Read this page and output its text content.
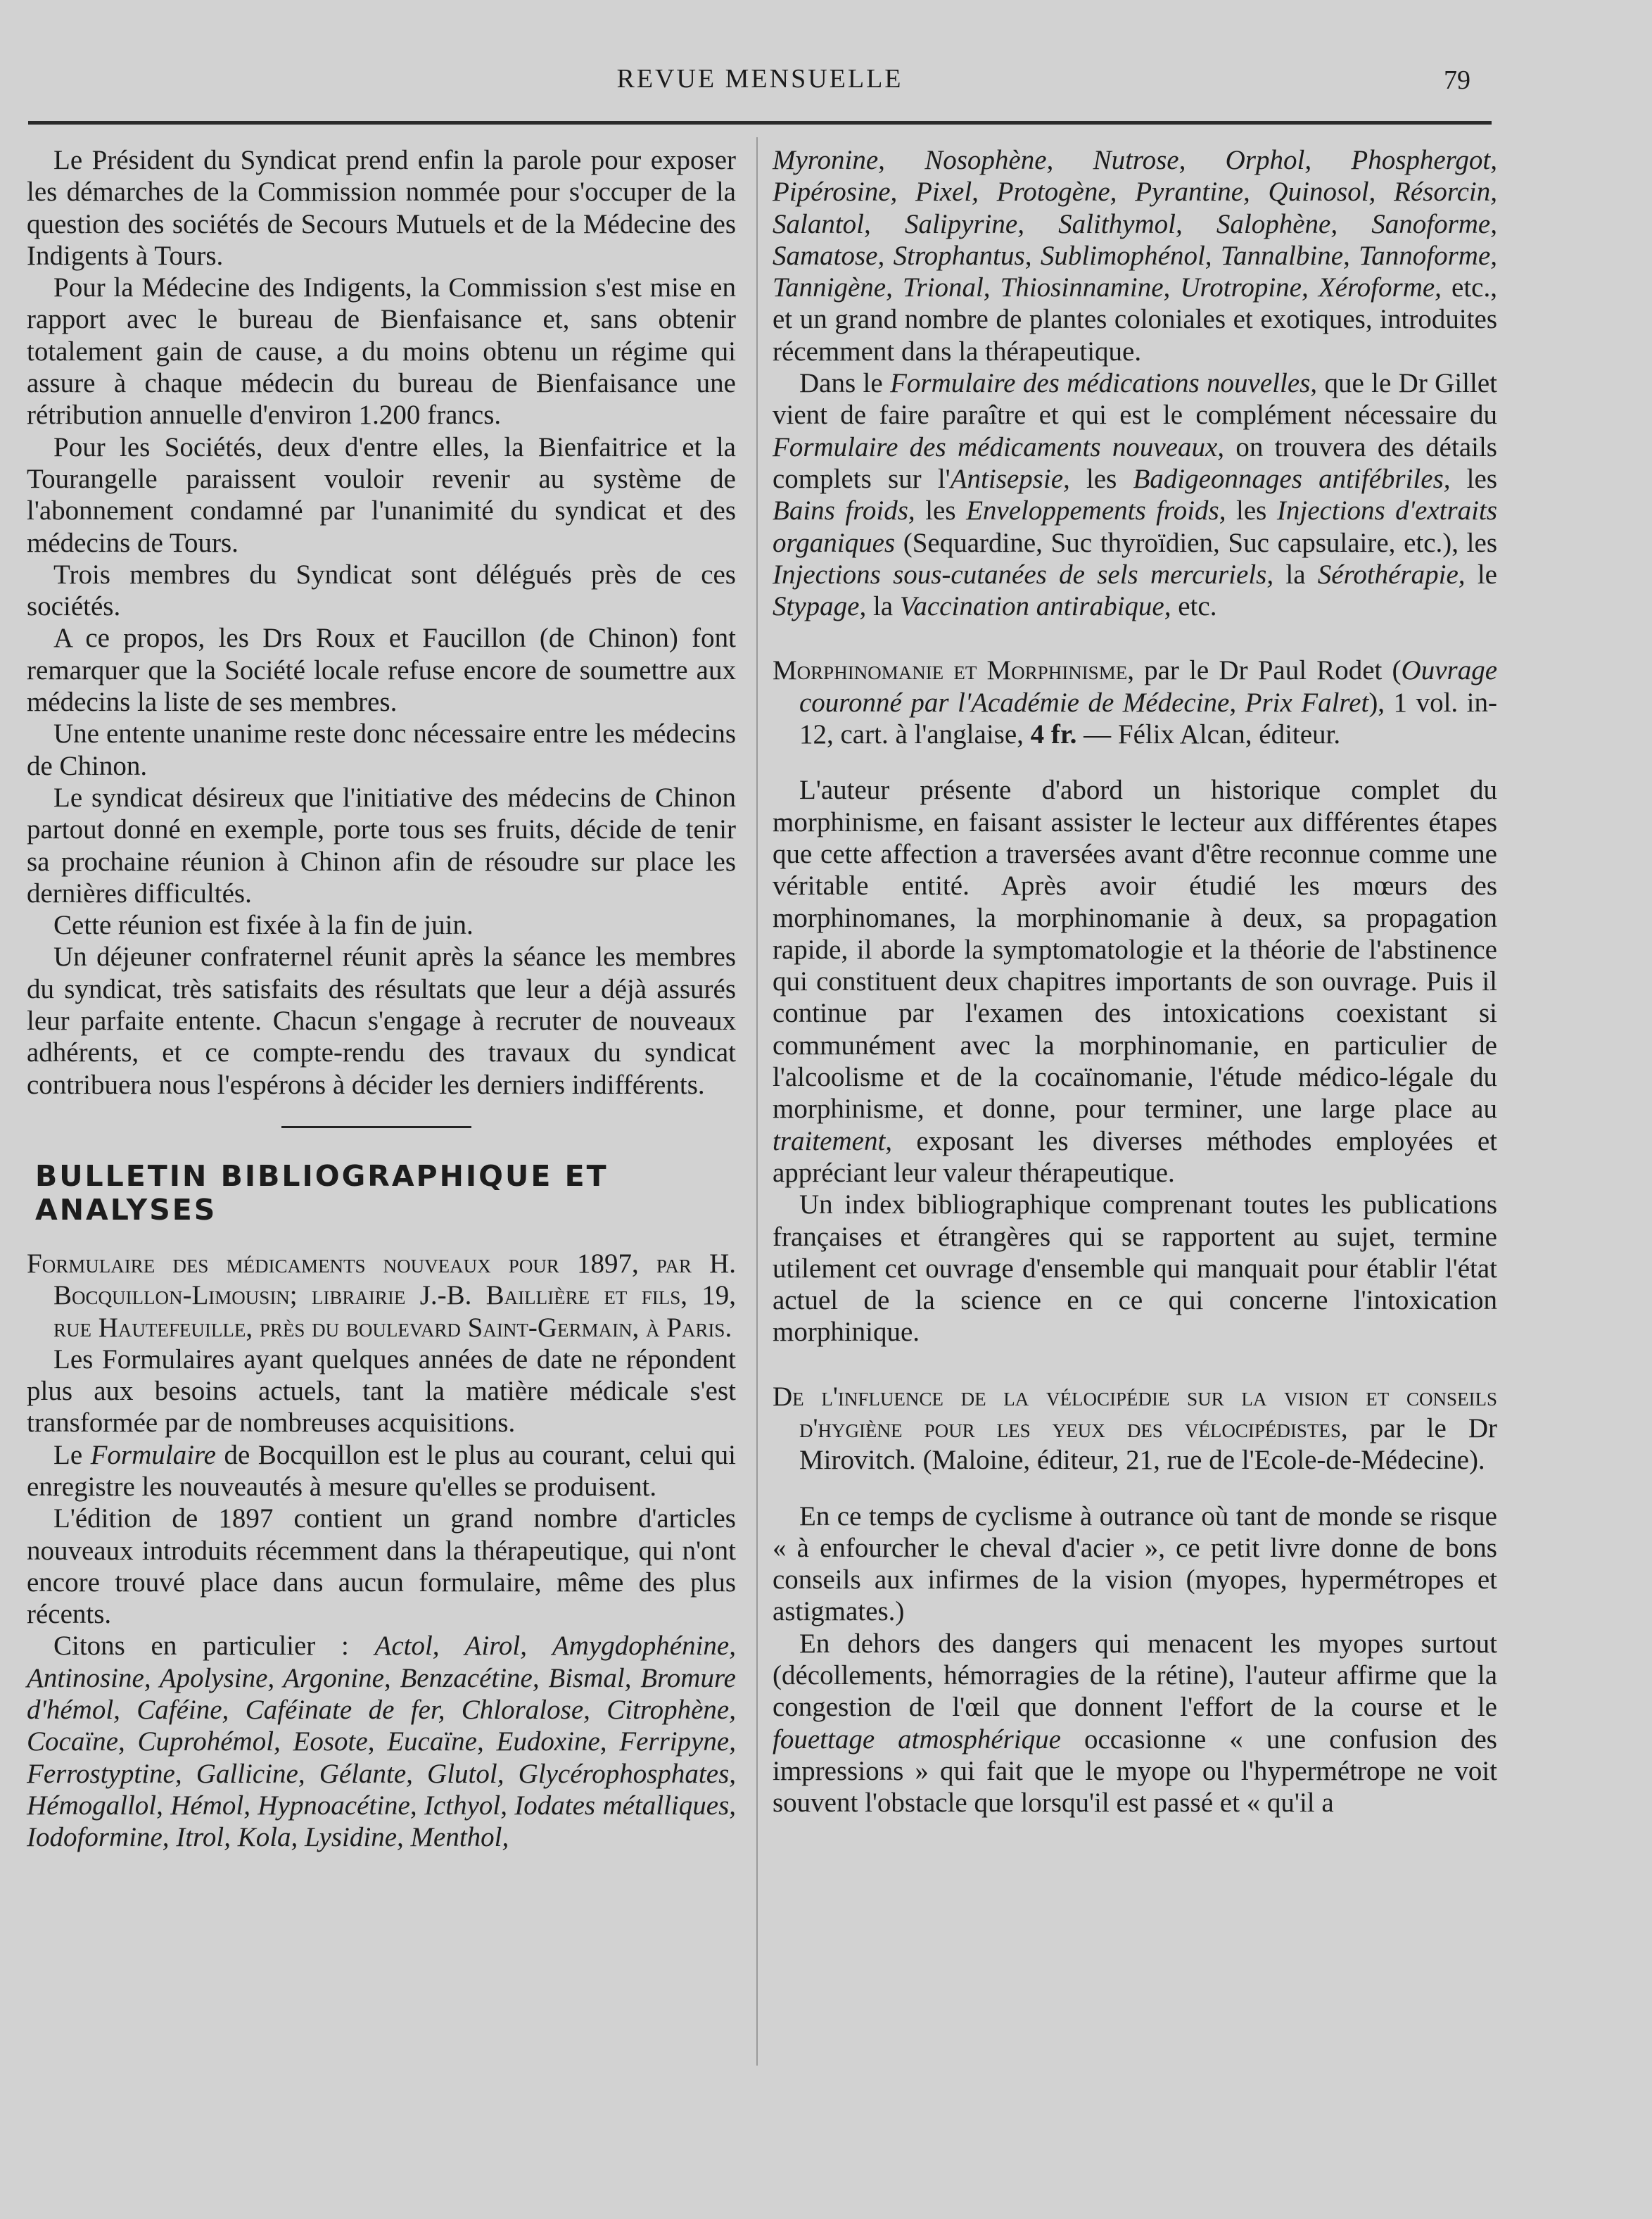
REVUE MENSUELLE	79

Le Président du Syndicat prend enfin la parole pour exposer les démarches de la Commission nommée pour s'occuper de la question des sociétés de Secours Mutuels et de la Médecine des Indigents à Tours.

Pour la Médecine des Indigents, la Commission s'est mise en rapport avec le bureau de Bienfaisance et, sans obtenir totalement gain de cause, a du moins obtenu un régime qui assure à chaque médecin du bureau de Bienfaisance une rétribution annuelle d'environ 1.200 francs.

Pour les Sociétés, deux d'entre elles, la Bienfaitrice et la Tourangelle paraissent vouloir revenir au système de l'abonnement condamné par l'unanimité du syndicat et des médecins de Tours.

Trois membres du Syndicat sont délégués près de ces sociétés.

A ce propos, les Drs Roux et Faucillon (de Chinon) font remarquer que la Société locale refuse encore de soumettre aux médecins la liste de ses membres.

Une entente unanime reste donc nécessaire entre les médecins de Chinon.

Le syndicat désireux que l'initiative des médecins de Chinon partout donné en exemple, porte tous ses fruits, décide de tenir sa prochaine réunion à Chinon afin de résoudre sur place les dernières difficultés.

Cette réunion est fixée à la fin de juin.

Un déjeuner confraternel réunit après la séance les membres du syndicat, très satisfaits des résultats que leur a déjà assurés leur parfaite entente. Chacun s'engage à recruter de nouveaux adhérents, et ce compte-rendu des travaux du syndicat contribuera nous l'espérons à décider les derniers indifférents.

BULLETIN BIBLIOGRAPHIQUE ET ANALYSES

Formulaire des médicaments nouveaux pour 1897, par H. Bocquillon-Limousin; librairie J.-B. Baillière et fils, 19, rue Hautefeuille, près du boulevard Saint-Germain, à Paris.

Les Formulaires ayant quelques années de date ne répondent plus aux besoins actuels, tant la matière médicale s'est transformée par de nombreuses acquisitions.

Le Formulaire de Bocquillon est le plus au courant, celui qui enregistre les nouveautés à mesure qu'elles se produisent.

L'édition de 1897 contient un grand nombre d'articles nouveaux introduits récemment dans la thérapeutique, qui n'ont encore trouvé place dans aucun formulaire, même des plus récents.

Citons en particulier : Actol, Airol, Amygdophénine, Antinosine, Apolysine, Argonine, Benzacétine, Bismal, Bromure d'hémol, Caféine, Caféinate de fer, Chloralose, Citrophène, Cocaïne, Cuprohémol, Eosote, Eucaïne, Eudoxine, Ferripyne, Ferrostyptine, Gallicine, Gélante, Glutol, Glycérophosphates, Hémogallol, Hémol, Hypnoacétine, Icthyol, Iodates métalliques, Iodoformine, Itrol, Kola, Lysidine, Menthol,

Myronine, Nosophène, Nutrose, Orphol, Phosphergot, Pipérosine, Pixel, Protogène, Pyrantine, Quinosol, Résorcin, Salantol, Salipyrine, Salithymol, Salophène, Sanoforme, Samatose, Strophantus, Sublimophénol, Tannalbine, Tannoforme, Tannigène, Trional, Thiosinnamine, Urotropine, Xéroforme, etc., et un grand nombre de plantes coloniales et exotiques, introduites récemment dans la thérapeutique.

Dans le Formulaire des médications nouvelles, que le Dr Gillet vient de faire paraître et qui est le complément nécessaire du Formulaire des médicaments nouveaux, on trouvera des détails complets sur l'Antisepsie, les Badigeonnages antifébriles, les Bains froids, les Enveloppements froids, les Injections d'extraits organiques (Sequardine, Suc thyroïdien, Suc capsulaire, etc.), les Injections sous-cutanées de sels mercuriels, la Sérothérapie, le Stypage, la Vaccination antirabique, etc.

Morphinomanie et Morphinisme, par le Dr Paul Rodet (Ouvrage couronné par l'Académie de Médecine, Prix Falret), 1 vol. in-12, cart. à l'anglaise, 4 fr. — Félix Alcan, éditeur.

L'auteur présente d'abord un historique complet du morphinisme, en faisant assister le lecteur aux différentes étapes que cette affection a traversées avant d'être reconnue comme une véritable entité. Après avoir étudié les mœurs des morphinomanes, la morphinomanie à deux, sa propagation rapide, il aborde la symptomatologie et la théorie de l'abstinence qui constituent deux chapitres importants de son ouvrage. Puis il continue par l'examen des intoxications coexistant si communément avec la morphinomanie, en particulier de l'alcoolisme et de la cocaïnomanie, l'étude médico-légale du morphinisme, et donne, pour terminer, une large place au traitement, exposant les diverses méthodes employées et appréciant leur valeur thérapeutique.

Un index bibliographique comprenant toutes les publications françaises et étrangères qui se rapportent au sujet, termine utilement cet ouvrage d'ensemble qui manquait pour établir l'état actuel de la science en ce qui concerne l'intoxication morphinique.

De l'influence de la vélocipédie sur la vision et conseils d'hygiène pour les yeux des vélocipédistes, par le Dr Mirovitch. (Maloine, éditeur, 21, rue de l'Ecole-de-Médecine).

En ce temps de cyclisme à outrance où tant de monde se risque « à enfourcher le cheval d'acier », ce petit livre donne de bons conseils aux infirmes de la vision (myopes, hypermétropes et astigmates.)

En dehors des dangers qui menacent les myopes surtout (décollements, hémorragies de la rétine), l'auteur affirme que la congestion de l'œil que donnent l'effort de la course et le fouettage atmosphérique occasionne « une confusion des impressions » qui fait que le myope ou l'hypermétrope ne voit souvent l'obstacle que lorsqu'il est passé et « qu'il a
